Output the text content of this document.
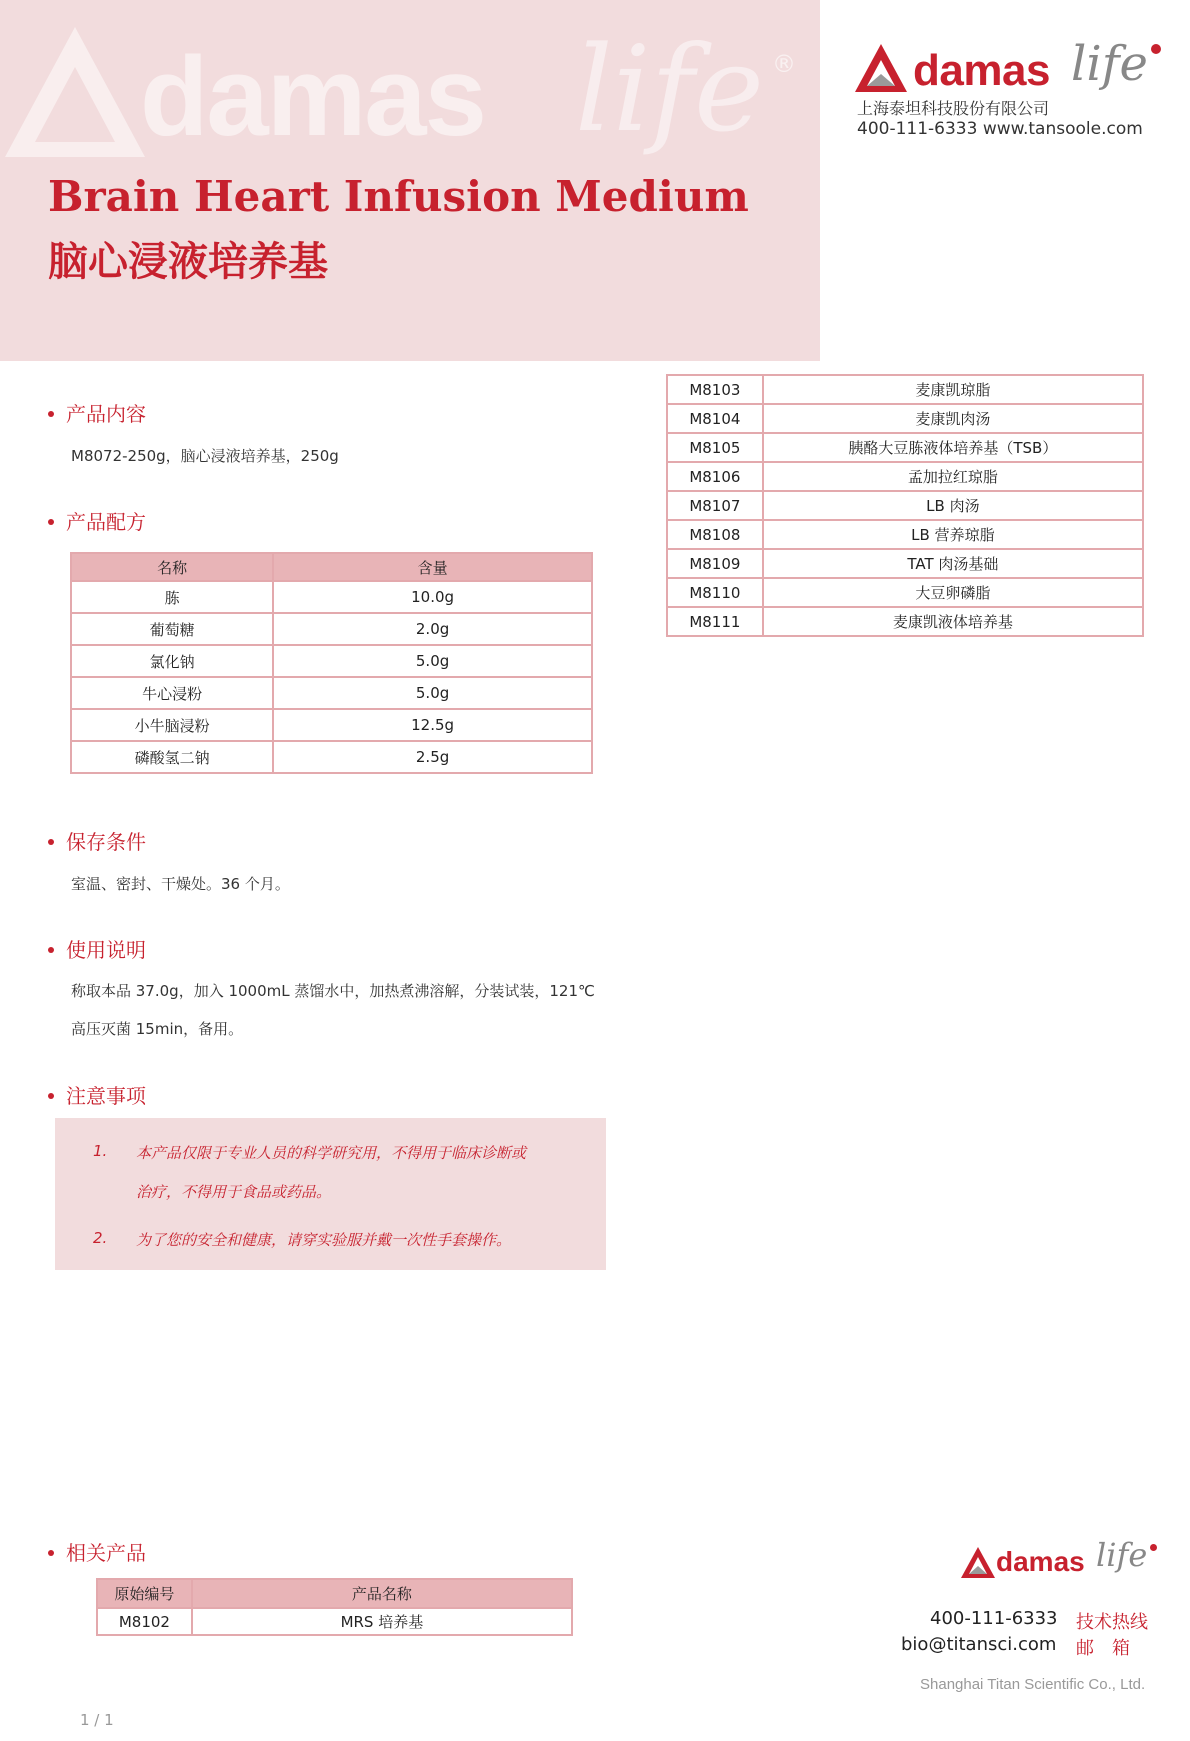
damas life ®
Brain Heart Infusion Medium
脑心浸液培养基
damas life
上海泰坦科技股份有限公司
400-111-6333 www.tansoole.com
产品内容
M8072-250g，脑心浸液培养基，250g
产品配方
名称	含量
胨	10.0g
葡萄糖	2.0g
氯化钠	5.0g
牛心浸粉	5.0g
小牛脑浸粉	12.5g
磷酸氢二钠	2.5g
保存条件
室温、密封、干燥处。36 个月。
使用说明
称取本品 37.0g，加入 1000mL 蒸馏水中，加热煮沸溶解，分装试装，121℃
高压灭菌 15min，备用。
注意事项
1. 本产品仅限于专业人员的科学研究用，不得用于临床诊断或
治疗，不得用于食品或药品。
2. 为了您的安全和健康，请穿实验服并戴一次性手套操作。
M8103	麦康凯琼脂
M8104	麦康凯肉汤
M8105	胰酪大豆胨液体培养基（TSB）
M8106	孟加拉红琼脂
M8107	LB 肉汤
M8108	LB 营养琼脂
M8109	TAT 肉汤基础
M8110	大豆卵磷脂
M8111	麦康凯液体培养基
相关产品
原始编号	产品名称
M8102	MRS 培养基
damas life
400-111-6333 技术热线
bio@titansci.com 邮　箱
Shanghai Titan Scientific Co., Ltd.
1 / 1
